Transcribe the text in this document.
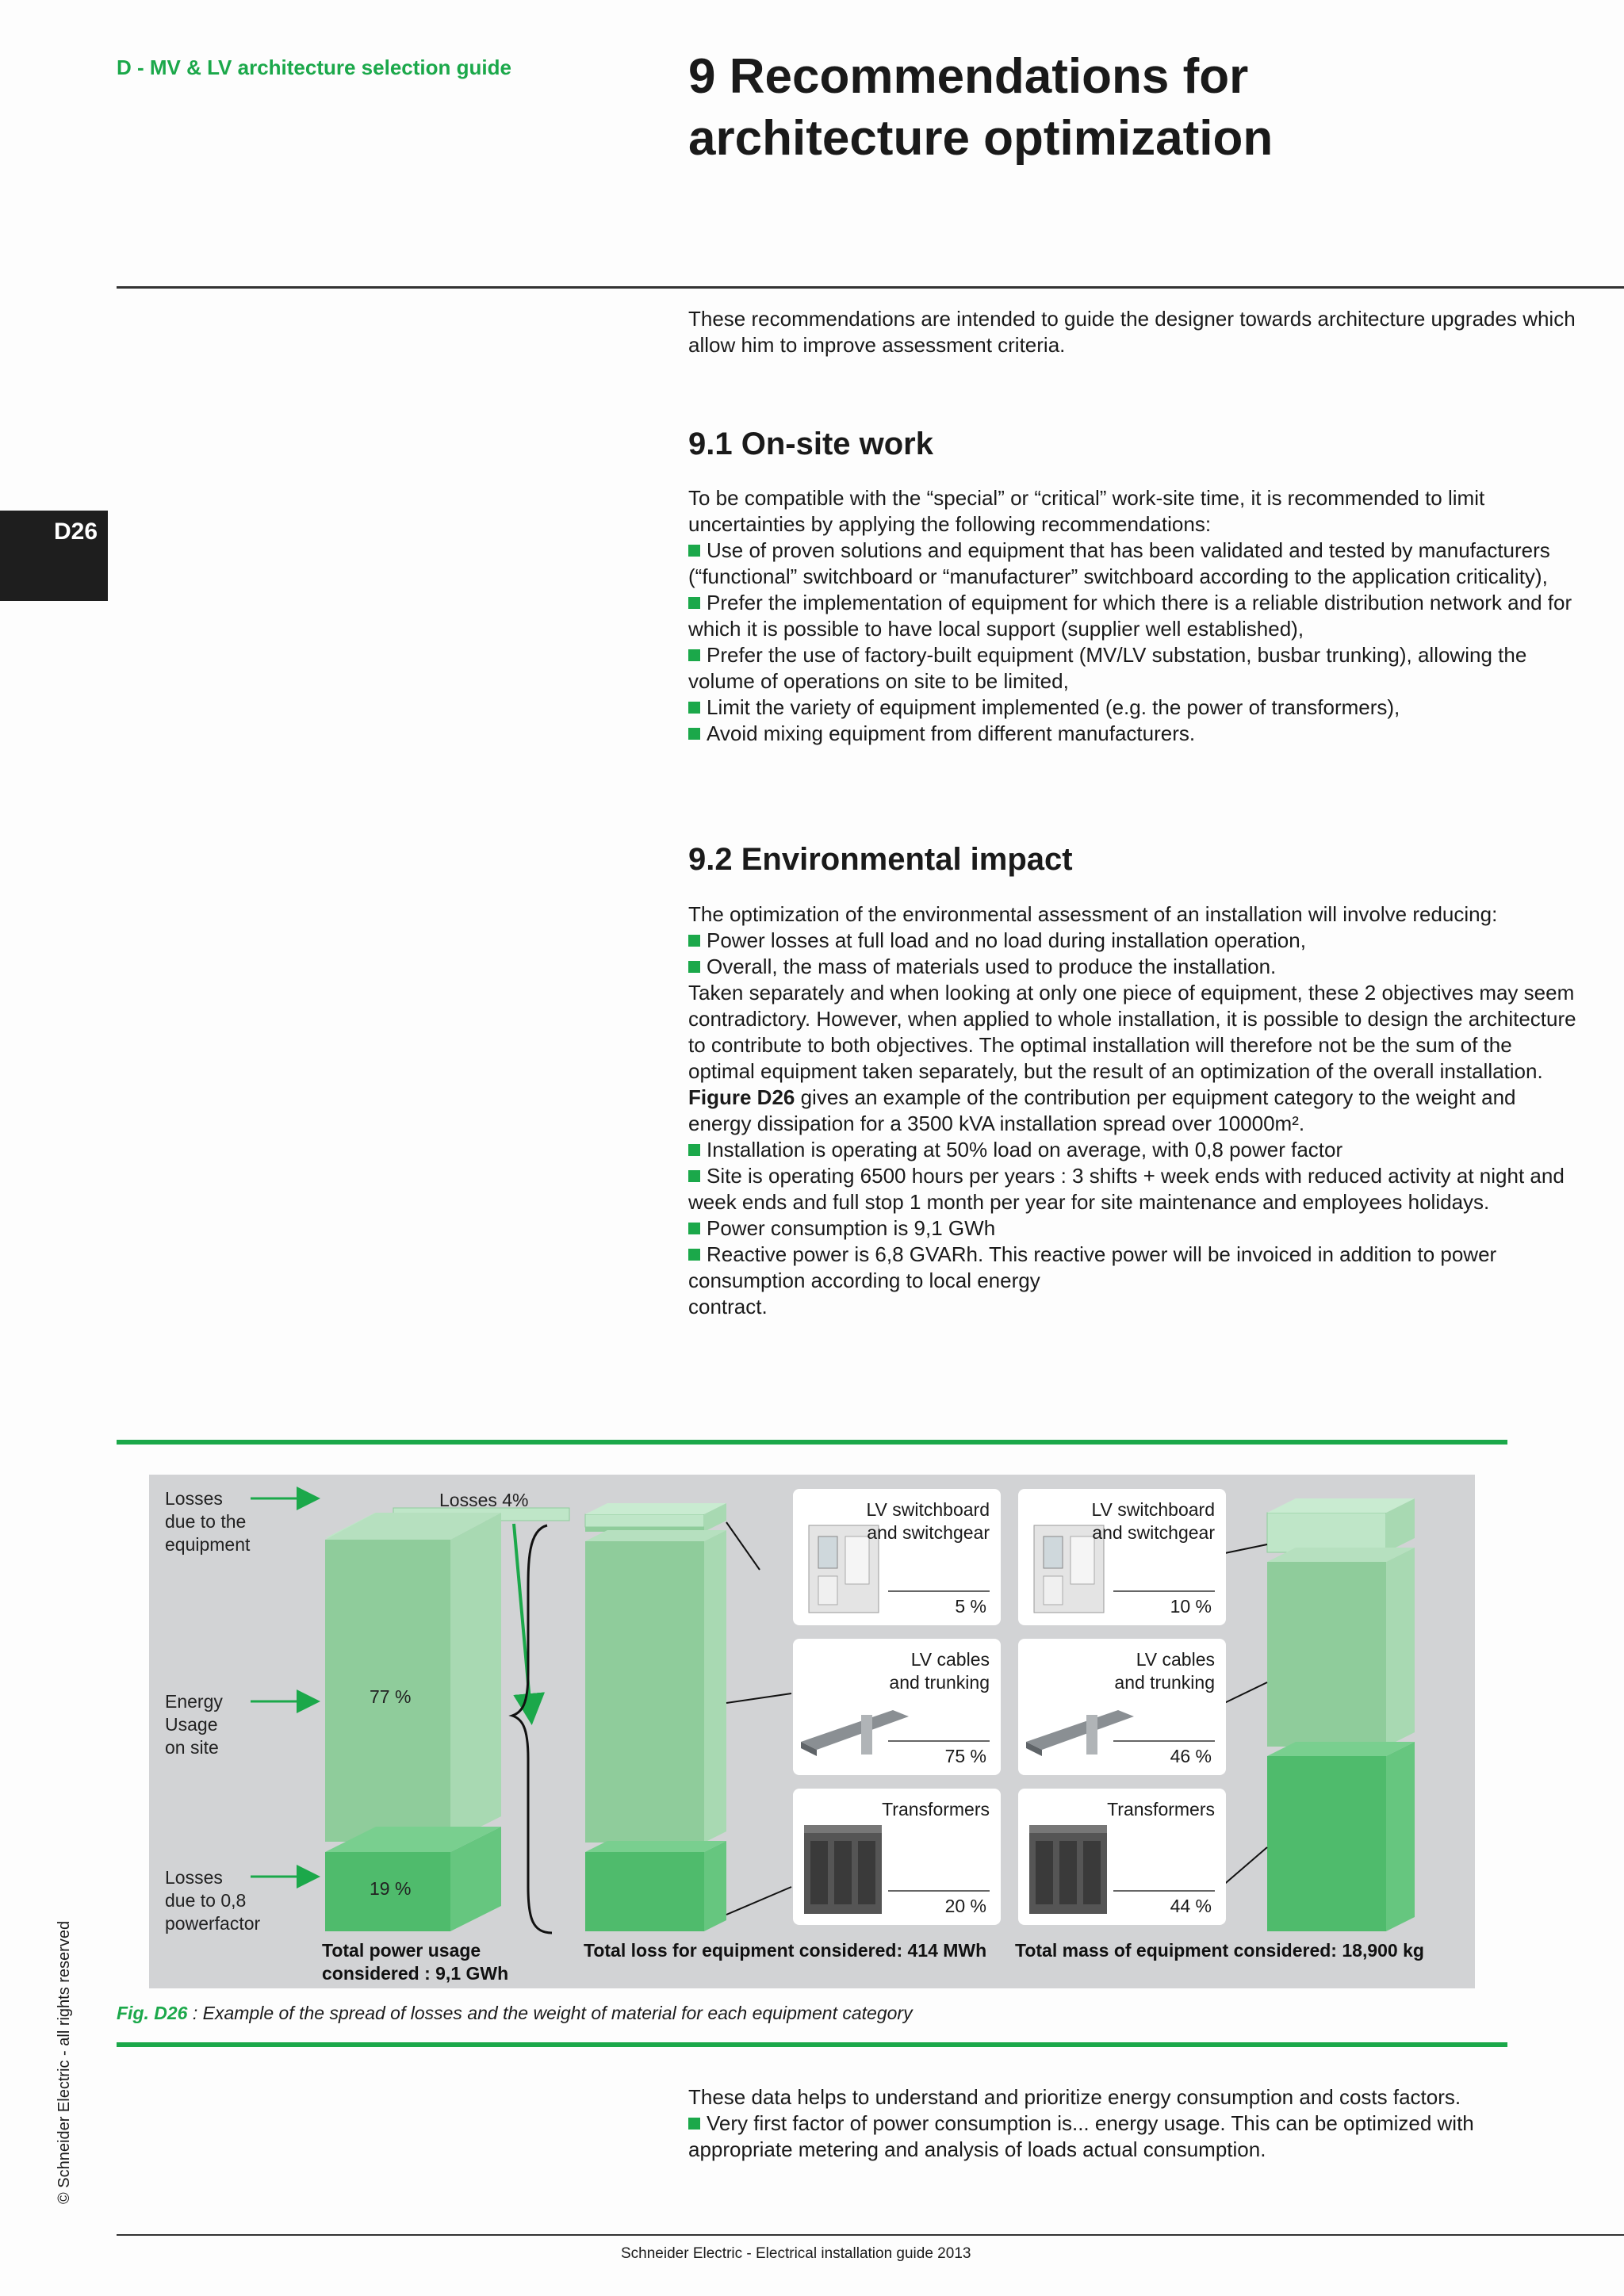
D - MV & LV architecture selection guide	9 Recommendations for
architecture optimization
D26

These recommendations are intended to guide the designer towards architecture upgrades which allow him to improve assessment criteria.

9.1 On-site work

To be compatible with the “special” or “critical” work-site time, it is recommended to limit uncertainties by applying the following recommendations:

Use of proven solutions and equipment that has been validated and tested by manufacturers (“functional” switchboard or “manufacturer” switchboard according to the application criticality),

Prefer the implementation of equipment for which there is a reliable distribution network and for which it is possible to have local support (supplier well established),

Prefer the use of factory-built equipment (MV/LV substation, busbar trunking), allowing the volume of operations on site to be limited,

Limit the variety of equipment implemented (e.g. the power of transformers),

Avoid mixing equipment from different manufacturers.

9.2 Environmental impact

The optimization of the environmental assessment of an installation will involve reducing:

Power losses at full load and no load during installation operation,

Overall, the mass of materials used to produce the installation.

Taken separately and when looking at only one piece of equipment, these 2 objectives may seem contradictory. However, when applied to whole installation, it is possible to design the architecture to contribute to both objectives. The optimal installation will therefore not be the sum of the optimal equipment taken separately, but the result of an optimization of the overall installation.

Figure D26 gives an example of the contribution per equipment category to the weight and energy dissipation for a 3500 kVA installation spread over 10000m².

Installation is operating at 50% load on average, with 0,8 power factor

Site is operating 6500 hours per years : 3 shifts + week ends with reduced activity at night and week ends and full stop 1 month per year for site maintenance and employees holidays.

Power consumption is 9,1 GWh

Reactive power is 6,8 GVARh. This reactive power will be invoiced in addition to power consumption according to local energy

contract.

Losses
due to the
equipment
Energy
Usage
on site
Losses
due to 0,8
powerfactor
Losses 4%
77 %
19 %
LV switchboard
and switchgear
5 %
LV cables
and trunking
75 %
Transformers
20 %
LV switchboard
and switchgear
10 %
LV cables
and trunking
46 %
Transformers
44 %
Total power usage
considered : 9,1 GWh
Total loss for equipment considered: 414 MWh Total mass of equipment considered: 18,900 kg
Fig. D26 : Example of the spread of losses and the weight of material for each equipment category

These data helps to understand and prioritize energy consumption and costs factors.

Very first factor of power consumption is... energy usage. This can be optimized with appropriate metering and analysis of loads actual consumption.

© Schneider Electric - all rights reserved
Schneider Electric - Electrical installation guide 2013
